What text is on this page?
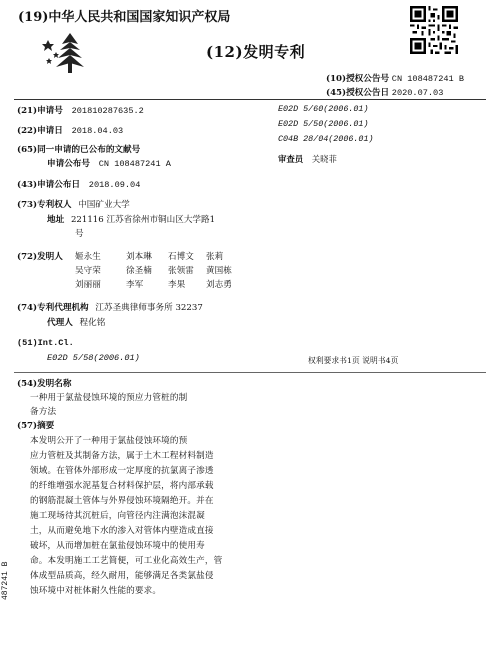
(19)中华人民共和国国家知识产权局
(12)发明专利
(10)授权公告号 CN 108487241 B
(45)授权公告日 2020.07.03
(21)申请号 201810287635.2
(22)申请日 2018.04.03
(65)同一申请的已公布的文献号
申请公布号 CN 108487241 A
(43)申请公布日 2018.09.04
(73)专利权人 中国矿业大学
地址 221116 江苏省徐州市铜山区大学路1
号
(72)发明人 姬永生	刘本琳 石博文 张莉
吴守荣	徐圣楠 张领雷 黄国栋
刘丽丽	李军	李果 刘志勇
(74)专利代理机构 江苏圣典律师事务所 32237
代理人 程化铭
(51)Int.Cl.
E02D 5/58(2006.01)
E02D 5/60(2006.01)
E02D 5/50(2006.01)
C04B 28/04(2006.01)
审查员 关晓菲
权利要求书1页 说明书4页
(54)发明名称
一种用于氯盐侵蚀环境的预应力管桩的制
备方法
(57)摘要
本发明公开了一种用于氯盐侵蚀环境的预
应力管桩及其制备方法，属于土木工程材料制造
领域。在管体外部形成一定厚度的抗氯离子渗透
的纤维增强水泥基复合材料保护层，将内部承载
的钢筋混凝土管体与外界侵蚀环境隔绝开。并在
施工现场待其沉桩后，向管径内注满泡沫混凝
土，从而避免地下水的渗入对管体内壁造成直接
破坏，从而增加桩在氯盐侵蚀环境中的使用寿
命。本发明施工工艺简便，可工业化高效生产，管
体成型品质高，经久耐用，能够满足各类氯盐侵
蚀环境中对桩体耐久性能的要求。
487241 B
